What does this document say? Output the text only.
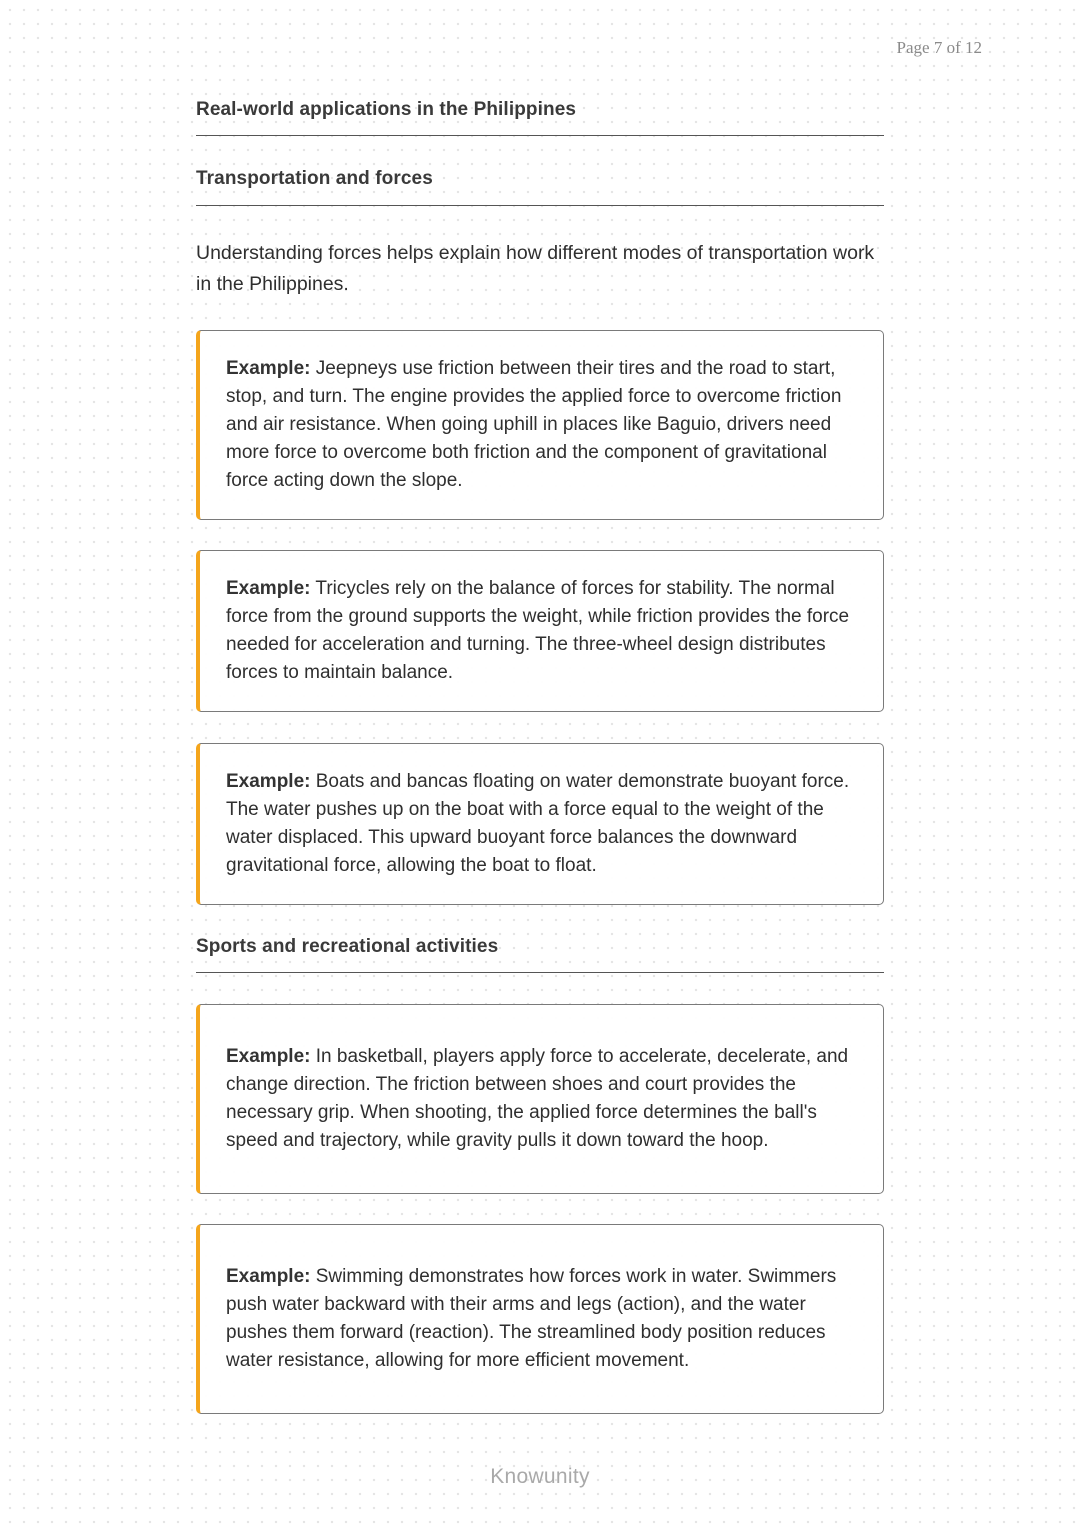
Page 7 of 12
Real-world applications in the Philippines
Transportation and forces
Understanding forces helps explain how different modes of transportation work in the Philippines.
Example: Jeepneys use friction between their tires and the road to start, stop, and turn. The engine provides the applied force to overcome friction and air resistance. When going uphill in places like Baguio, drivers need more force to overcome both friction and the component of gravitational force acting down the slope.
Example: Tricycles rely on the balance of forces for stability. The normal force from the ground supports the weight, while friction provides the force needed for acceleration and turning. The three-wheel design distributes forces to maintain balance.
Example: Boats and bancas floating on water demonstrate buoyant force. The water pushes up on the boat with a force equal to the weight of the water displaced. This upward buoyant force balances the downward gravitational force, allowing the boat to float.
Sports and recreational activities
Example: In basketball, players apply force to accelerate, decelerate, and change direction. The friction between shoes and court provides the necessary grip. When shooting, the applied force determines the ball's speed and trajectory, while gravity pulls it down toward the hoop.
Example: Swimming demonstrates how forces work in water. Swimmers push water backward with their arms and legs (action), and the water pushes them forward (reaction). The streamlined body position reduces water resistance, allowing for more efficient movement.
Knowunity
